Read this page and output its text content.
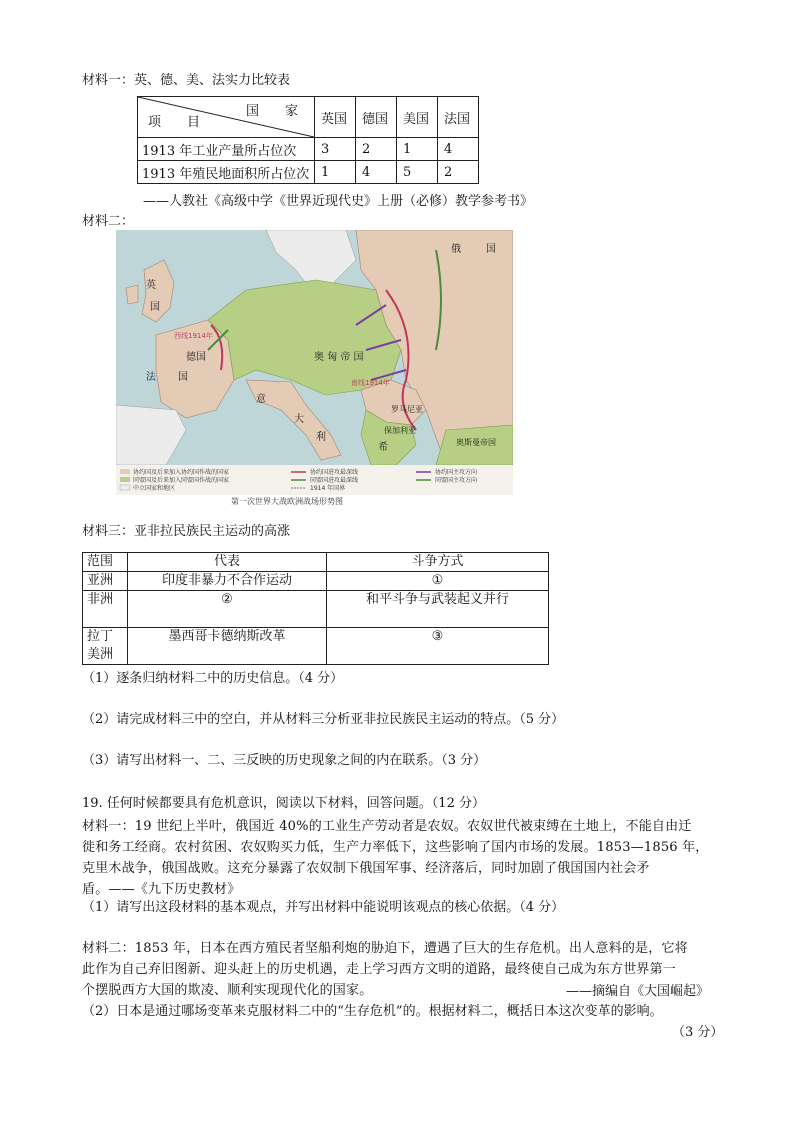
材料一：英、德、美、法实力比较表
国　　家
项　　目	英国	德国	美国	法国
1913 年工业产量所占位次	3	2	1	4
1913 年殖民地面积所占位次	1	4	5	2
——人教社《高级中学《世界近现代史》上册（必修）教学参考书》
材料二：
英
国
俄	国
德国
法 国
奥 匈 帝 国
意
大
利
罗马尼亚
保加利亚
希	奥斯曼帝国
西线1914年
南线1914年
协约国及后来加入协约国作战的国家
同盟国及后来加入同盟国作战的国家
中立国家和地区
协约国进攻最深线
同盟国进攻最深线
1914 年国界
协约国主攻方向
同盟国主攻方向
第一次世界大战欧洲战场形势图
材料三：亚非拉民族民主运动的高涨
范围	代表	斗争方式
亚洲	印度非暴力不合作运动	①
非洲	②	和平斗争与武装起义并行
拉丁美洲	墨西哥卡德纳斯改革	③
（1）逐条归纳材料二中的历史信息。（4 分）
（2）请完成材料三中的空白，并从材料三分析亚非拉民族民主运动的特点。（5 分）
（3）请写出材料一、二、三反映的历史现象之间的内在联系。（3 分）
19. 任何时候都要具有危机意识，阅读以下材料，回答问题。（12 分）
材料一：19 世纪上半叶，俄国近 40%的工业生产劳动者是农奴。农奴世代被束缚在土地上，不能自由迁
徙和务工经商。农村贫困、农奴购买力低，生产力率低下，这些影响了国内市场的发展。1853—1856 年，
克里木战争，俄国战败。这充分暴露了农奴制下俄国军事、经济落后，同时加剧了俄国国内社会矛
盾。——《九下历史教材》
（1）请写出这段材料的基本观点，并写出材料中能说明该观点的核心依据。（4 分）
材料二：1853 年，日本在西方殖民者坚船利炮的胁迫下，遭遇了巨大的生存危机。出人意料的是，它将
此作为自己弃旧图新、迎头赶上的历史机遇，走上学习西方文明的道路，最终使自己成为东方世界第一
个摆脱西方大国的欺凌、顺利实现现代化的国家。	——摘编自《大国崛起》
（2）日本是通过哪场变革来克服材料二中的“生存危机”的。根据材料二，概括日本这次变革的影响。
（3 分）
